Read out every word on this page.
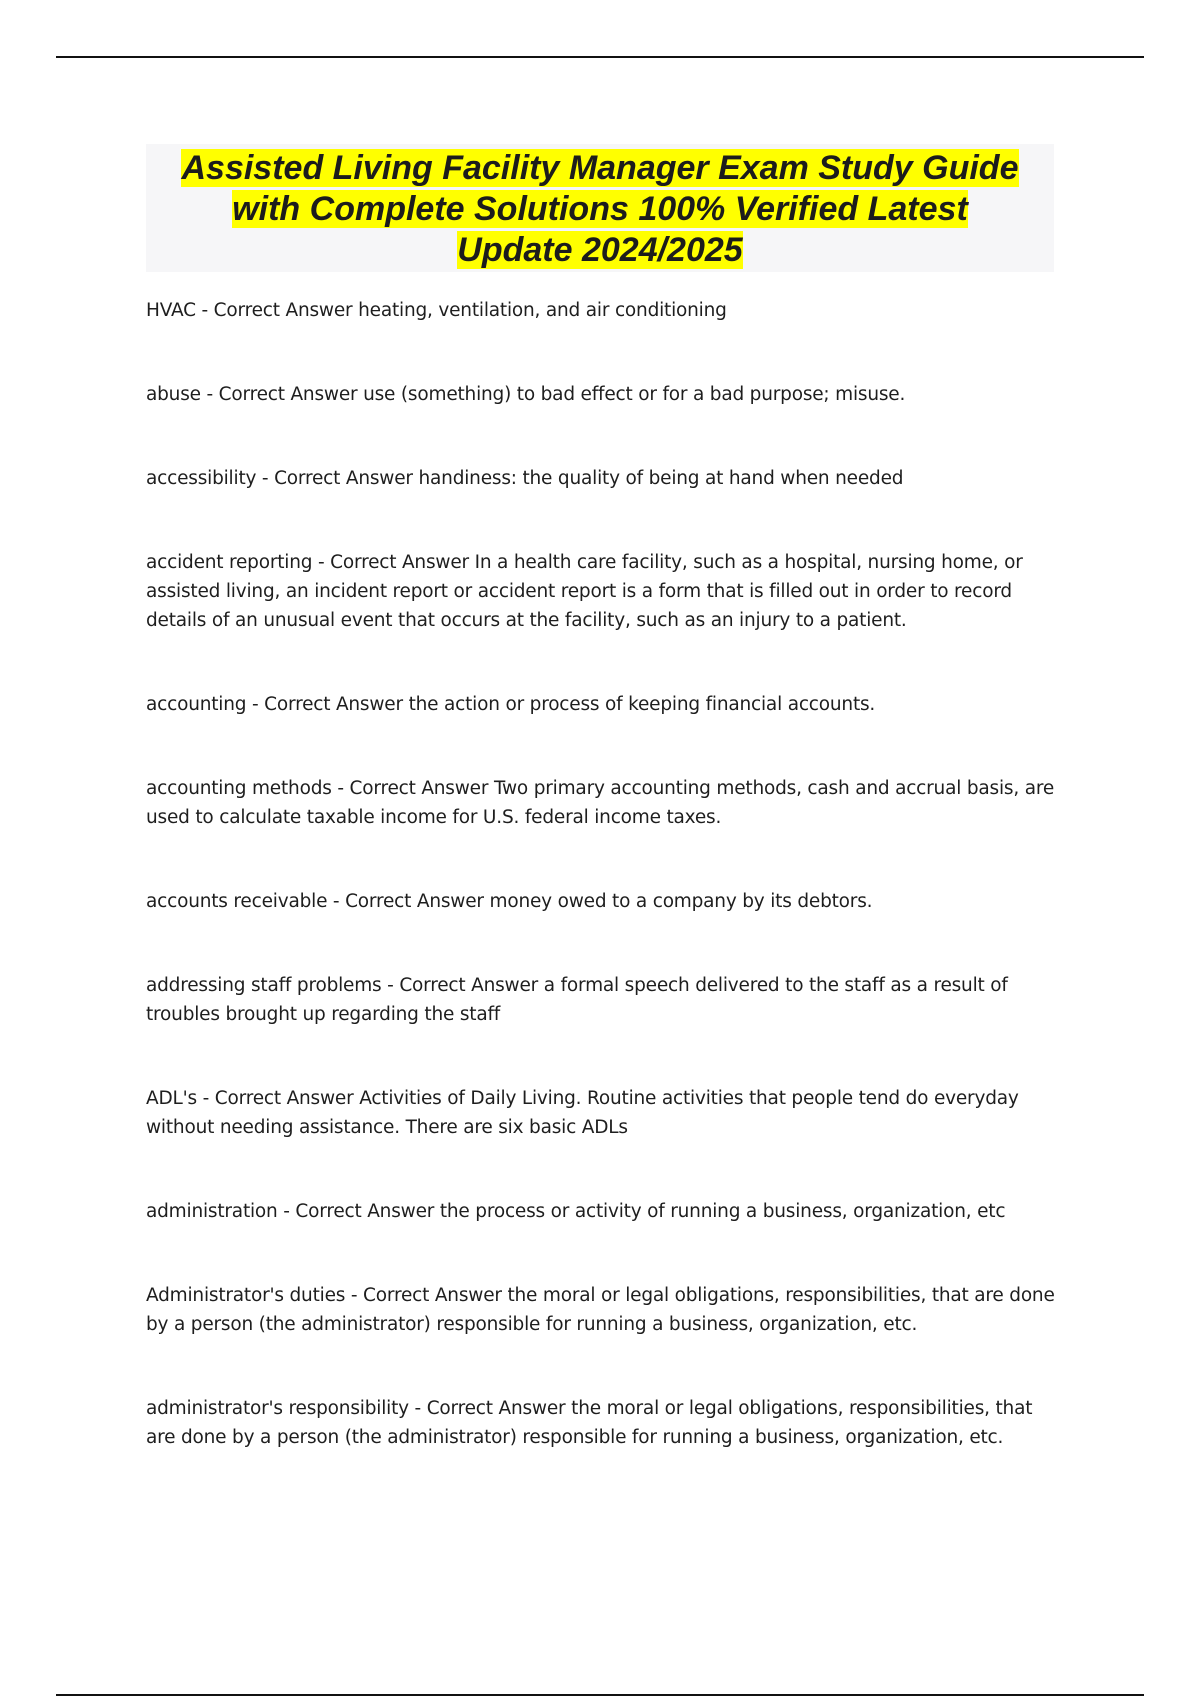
Assisted Living Facility Manager Exam Study Guide
with Complete Solutions 100% Verified Latest
Update 2024/2025
HVAC - Correct Answer heating, ventilation, and air conditioning
abuse - Correct Answer use (something) to bad effect or for a bad purpose; misuse.
accessibility - Correct Answer handiness: the quality of being at hand when needed
accident reporting - Correct Answer In a health care facility, such as a hospital, nursing home, or assisted living, an incident report or accident report is a form that is filled out in order to record details of an unusual event that occurs at the facility, such as an injury to a patient.
accounting - Correct Answer the action or process of keeping financial accounts.
accounting methods - Correct Answer Two primary accounting methods, cash and accrual basis, are used to calculate taxable income for U.S. federal income taxes.
accounts receivable - Correct Answer money owed to a company by its debtors.
addressing staff problems - Correct Answer a formal speech delivered to the staff as a result of troubles brought up regarding the staff
ADL's - Correct Answer Activities of Daily Living. Routine activities that people tend do everyday without needing assistance. There are six basic ADLs
administration - Correct Answer the process or activity of running a business, organization, etc
Administrator's duties - Correct Answer the moral or legal obligations, responsibilities, that are done by a person (the administrator) responsible for running a business, organization, etc.
administrator's responsibility - Correct Answer the moral or legal obligations, responsibilities, that are done by a person (the administrator) responsible for running a business, organization, etc.
